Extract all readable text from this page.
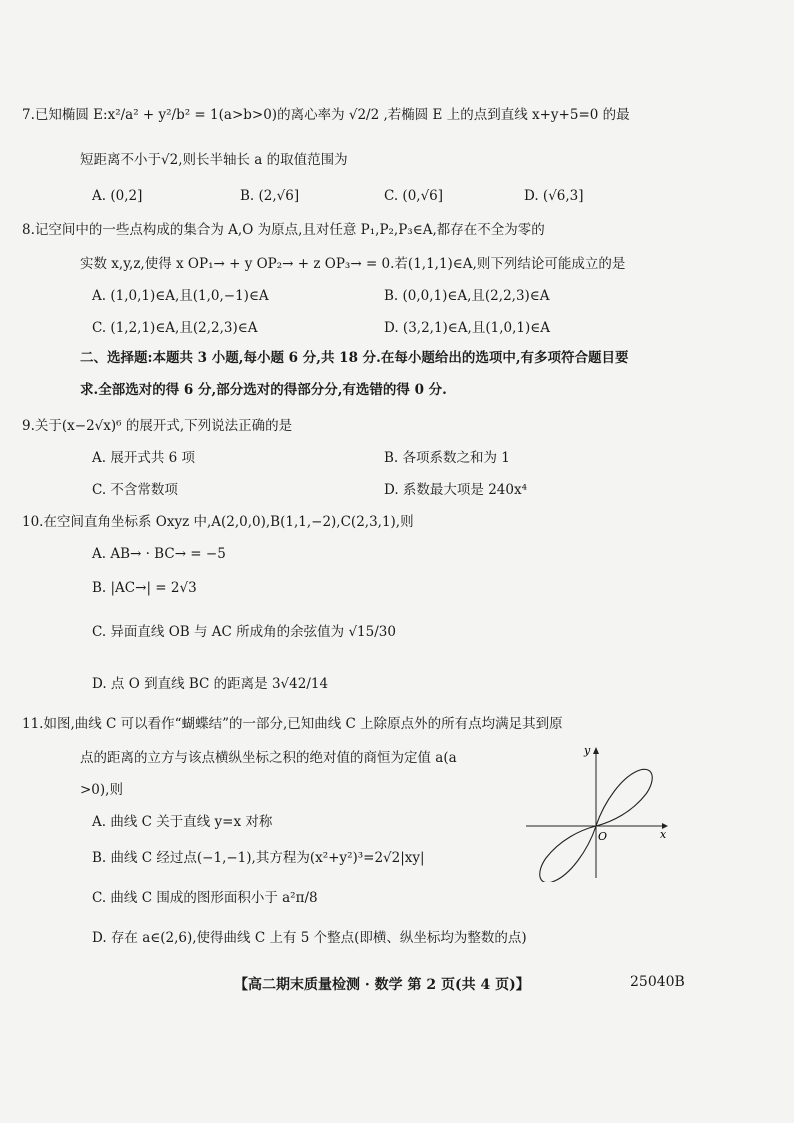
7.已知椭圆 E:x²/a² + y²/b² = 1(a>b>0)的离心率为 √2/2 ,若椭圆 E 上的点到直线 x+y+5=0 的最
短距离不小于√2,则长半轴长 a 的取值范围为
A. (0,2]	B. (2,√6]	C. (0,√6]	D. (√6,3]
8.记空间中的一些点构成的集合为 A,O 为原点,且对任意 P₁,P₂,P₃∈A,都存在不全为零的
实数 x,y,z,使得 x OP₁→ + y OP₂→ + z OP₃→ = 0.若(1,1,1)∈A,则下列结论可能成立的是
A. (1,0,1)∈A,且(1,0,−1)∈A	B. (0,0,1)∈A,且(2,2,3)∈A
C. (1,2,1)∈A,且(2,2,3)∈A	D. (3,2,1)∈A,且(1,0,1)∈A
二、选择题:本题共 3 小题,每小题 6 分,共 18 分.在每小题给出的选项中,有多项符合题目要
求.全部选对的得 6 分,部分选对的得部分分,有选错的得 0 分.
9.关于(x−2√x)⁶ 的展开式,下列说法正确的是
A. 展开式共 6 项	B. 各项系数之和为 1
C. 不含常数项	D. 系数最大项是 240x⁴
10.在空间直角坐标系 Oxyz 中,A(2,0,0),B(1,1,−2),C(2,3,1),则
A. AB→ · BC→ = −5
B. |AC→| = 2√3
C. 异面直线 OB 与 AC 所成角的余弦值为 √15/30
D. 点 O 到直线 BC 的距离是 3√42/14
11.如图,曲线 C 可以看作“蝴蝶结”的一部分,已知曲线 C 上除原点外的所有点均满足其到原
点的距离的立方与该点横纵坐标之积的绝对值的商恒为定值 a(a
>0),则
A. 曲线 C 关于直线 y=x 对称
B. 曲线 C 经过点(−1,−1),其方程为(x²+y²)³=2√2|xy|
C. 曲线 C 围成的图形面积小于 a²π/8
D. 存在 a∈(2,6),使得曲线 C 上有 5 个整点(即横、纵坐标均为整数的点)
x
y
O
【高二期末质量检测 · 数学 第 2 页(共 4 页)】	25040B
